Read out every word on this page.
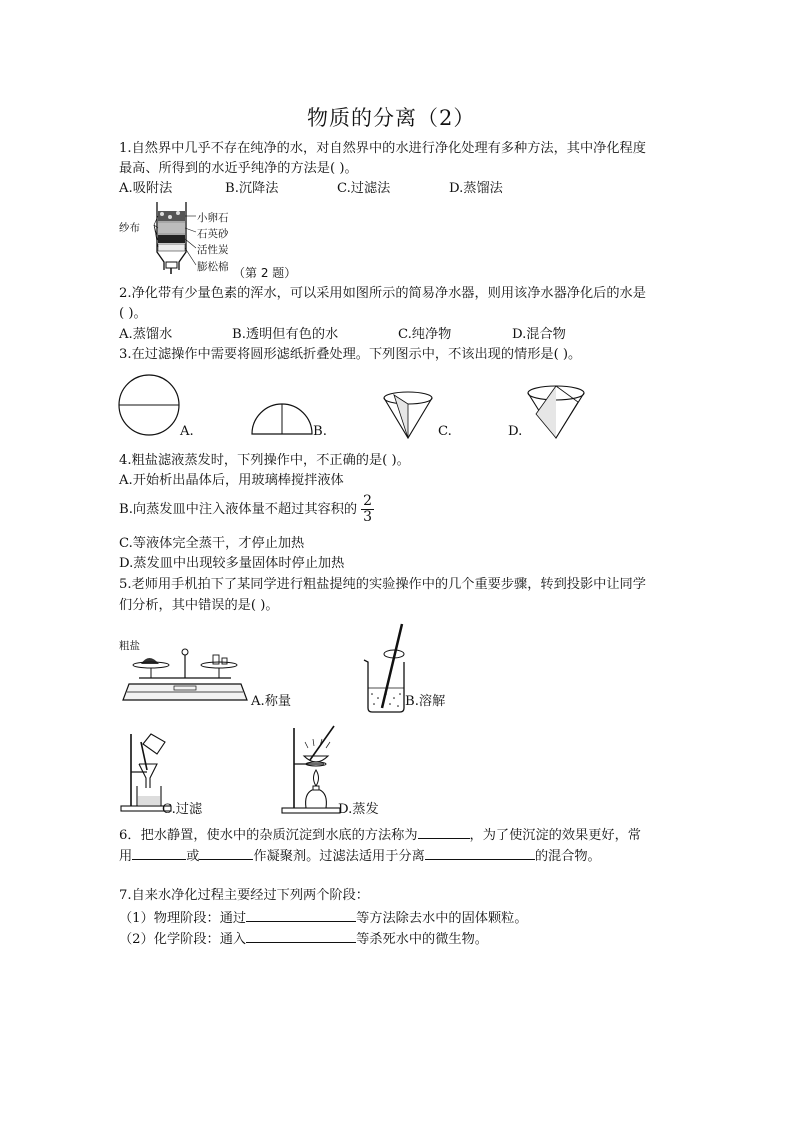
物质的分离（2）
1.自然界中几乎不存在纯净的水，对自然界中的水进行净化处理有多种方法，其中净化程度
最高、所得到的水近乎纯净的方法是( )。
A.吸附法	B.沉降法	C.过滤法	D.蒸馏法
纱布
小卵石
石英砂
活性炭
膨松棉 （第 2 题）
2.净化带有少量色素的浑水，可以采用如图所示的简易净水器，则用该净水器净化后的水是
( )。
A.蒸馏水	B.透明但有色的水	C.纯净物	D.混合物
3.在过滤操作中需要将圆形滤纸折叠处理。下列图示中，不该出现的情形是( )。
A.	B.	C.	D.
4.粗盐滤液蒸发时，下列操作中，不正确的是( )。
A.开始析出晶体后，用玻璃棒搅拌液体
B.向蒸发皿中注入液体量不超过其容积的 $\frac{2}{3}$
C.等液体完全蒸干，才停止加热
D.蒸发皿中出现较多量固体时停止加热
5.老师用手机拍下了某同学进行粗盐提纯的实验操作中的几个重要步骤，转到投影中让同学
们分析，其中错误的是( )。
粗盐
A.称量	B.溶解
C.过滤	D.蒸发
6．把水静置，使水中的杂质沉淀到水底的方法称为	，为了使沉淀的效果更好，常
用	或	作凝聚剂。过滤法适用于分离	的混合物。
7.自来水净化过程主要经过下列两个阶段：
（1）物理阶段：通过	等方法除去水中的固体颗粒。
（2）化学阶段：通入	等杀死水中的微生物。
